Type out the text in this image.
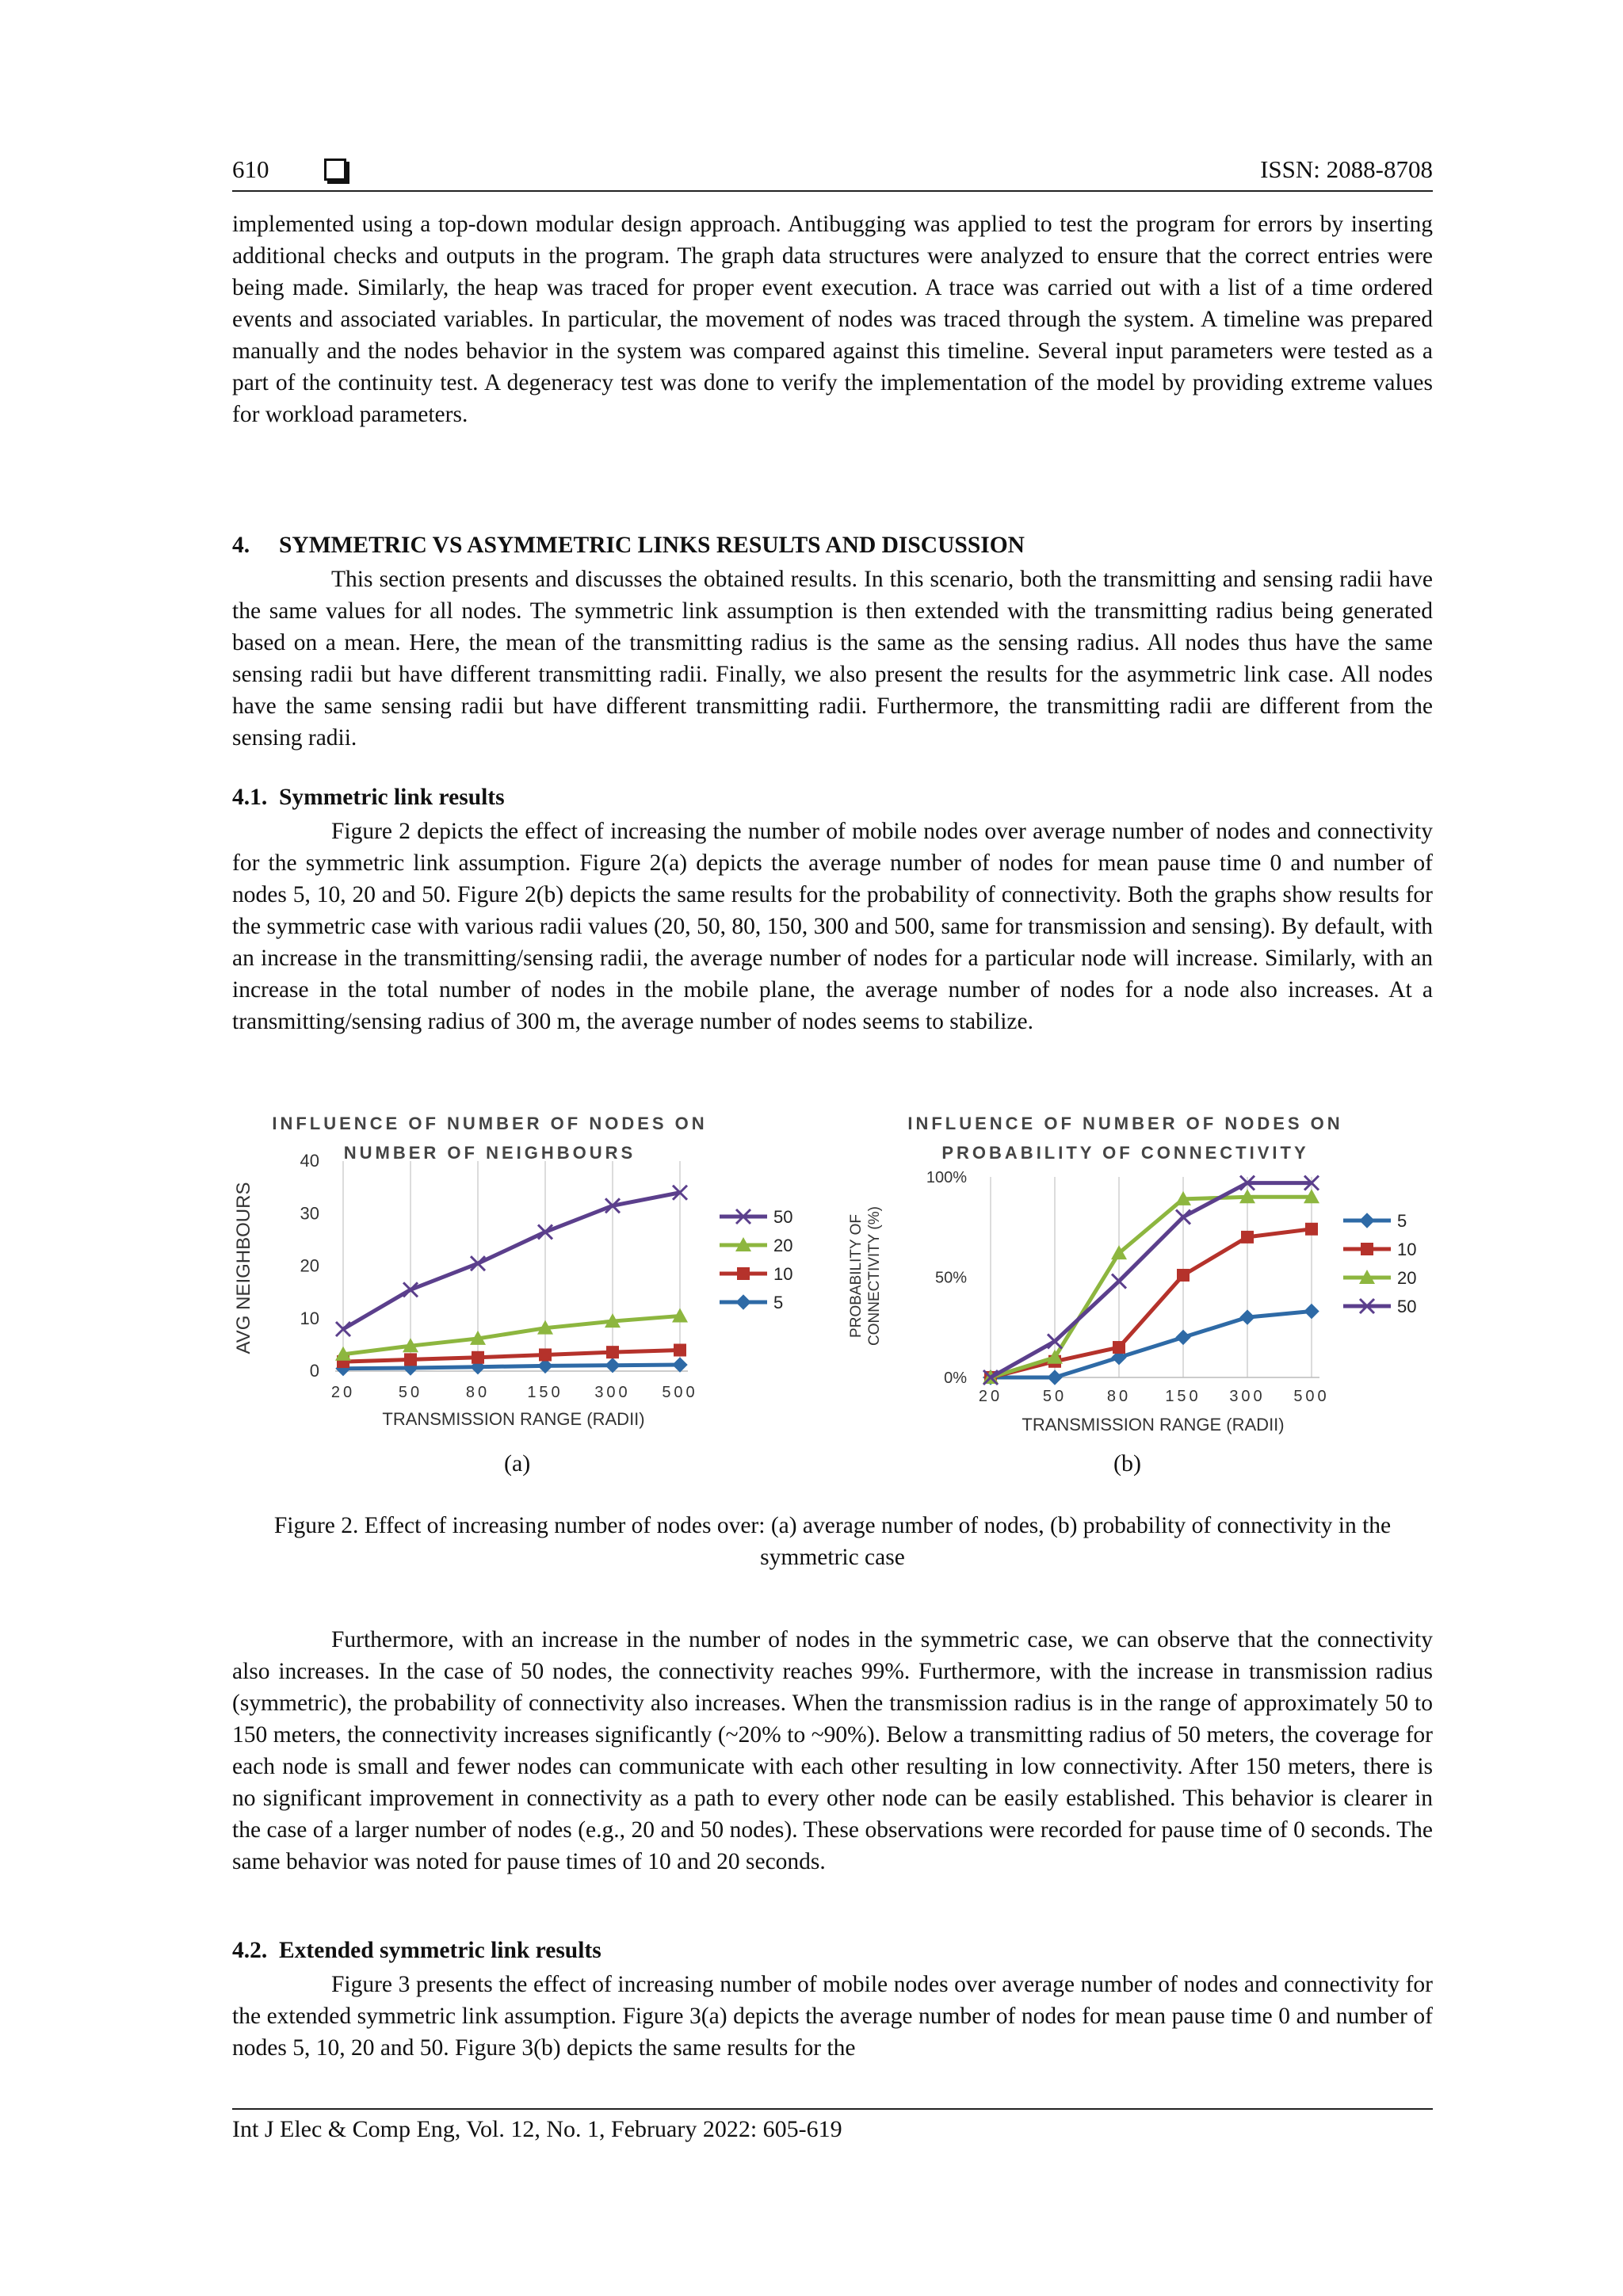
610	ISSN: 2088-8708

implemented using a top-down modular design approach. Antibugging was applied to test the program for errors by inserting additional checks and outputs in the program. The graph data structures were analyzed to ensure that the correct entries were being made. Similarly, the heap was traced for proper event execution. A trace was carried out with a list of a time ordered events and associated variables. In particular, the movement of nodes was traced through the system. A timeline was prepared manually and the nodes behavior in the system was compared against this timeline. Several input parameters were tested as a part of the continuity test. A degeneracy test was done to verify the implementation of the model by providing extreme values for workload parameters.

4.     SYMMETRIC VS ASYMMETRIC LINKS RESULTS AND DISCUSSION

This section presents and discusses the obtained results. In this scenario, both the transmitting and sensing radii have the same values for all nodes. The symmetric link assumption is then extended with the transmitting radius being generated based on a mean. Here, the mean of the transmitting radius is the same as the sensing radius. All nodes thus have the same sensing radii but have different transmitting radii. Finally, we also present the results for the asymmetric link case. All nodes have the same sensing radii but have different transmitting radii. Furthermore, the transmitting radii are different from the sensing radii.

4.1.  Symmetric link results

Figure 2 depicts the effect of increasing the number of mobile nodes over average number of nodes and connectivity for the symmetric link assumption. Figure 2(a) depicts the average number of nodes for mean pause time 0 and number of nodes 5, 10, 20 and 50. Figure 2(b) depicts the same results for the probability of connectivity. Both the graphs show results for the symmetric case with various radii values (20, 50, 80, 150, 300 and 500, same for transmission and sensing). By default, with an increase in the transmitting/sensing radii, the average number of nodes for a particular node will increase. Similarly, with an increase in the total number of nodes in the mobile plane, the average number of nodes for a node also increases. At a transmitting/sensing radius of 300 m, the average number of nodes seems to stabilize.

INFLUENCE OF NUMBER OF NODES ON
NUMBER OF NEIGHBOURS
AVG NEIGHBOURS
TRANSMISSION RANGE (RADII)
0
10
20
30
40
20	50	80 150 300 500
50
20
10
5
(a)
INFLUENCE OF NUMBER OF NODES ON
PROBABILITY OF CONNECTIVITY
PROBABILITY OF CONNECTIVITY (%)
TRANSMISSION RANGE (RADII)
0%
50%
100%
20	50	80 150 300 500
5
10
20
50
(b)
Figure 2. Effect of increasing number of nodes over: (a) average number of nodes, (b) probability of connectivity in the symmetric case

Furthermore, with an increase in the number of nodes in the symmetric case, we can observe that the connectivity also increases. In the case of 50 nodes, the connectivity reaches 99%. Furthermore, with the increase in transmission radius (symmetric), the probability of connectivity also increases. When the transmission radius is in the range of approximately 50 to 150 meters, the connectivity increases significantly (~20% to ~90%). Below a transmitting radius of 50 meters, the coverage for each node is small and fewer nodes can communicate with each other resulting in low connectivity. After 150 meters, there is no significant improvement in connectivity as a path to every other node can be easily established. This behavior is clearer in the case of a larger number of nodes (e.g., 20 and 50 nodes). These observations were recorded for pause time of 0 seconds. The same behavior was noted for pause times of 10 and 20 seconds.

4.2.  Extended symmetric link results

Figure 3 presents the effect of increasing number of mobile nodes over average number of nodes and connectivity for the extended symmetric link assumption. Figure 3(a) depicts the average number of nodes for mean pause time 0 and number of nodes 5, 10, 20 and 50. Figure 3(b) depicts the same results for the

Int J Elec & Comp Eng, Vol. 12, No. 1, February 2022: 605-619
